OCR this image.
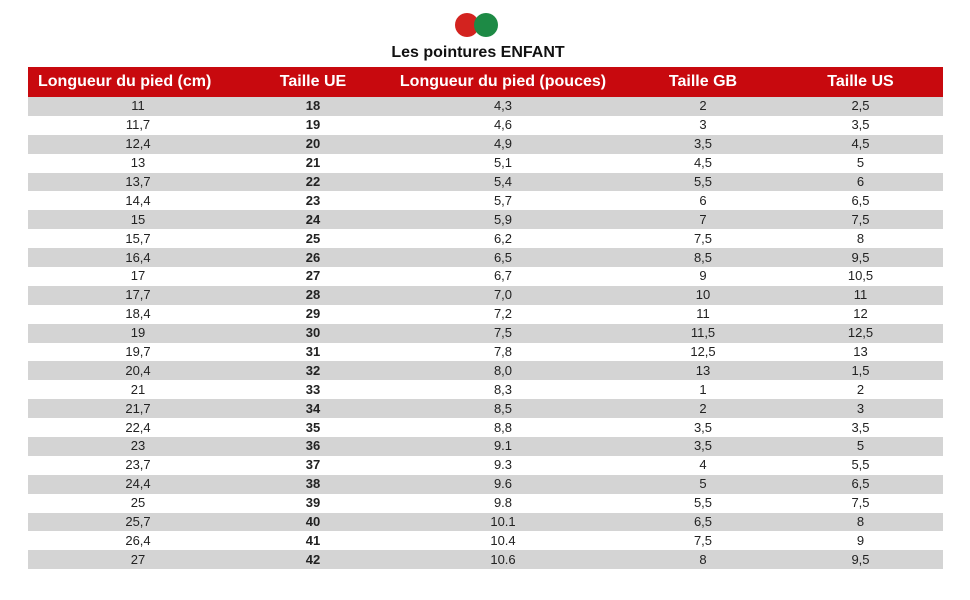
Les pointures ENFANT
Longueur du pied (cm)	Taille UE	Longueur du pied (pouces)	Taille GB	Taille US
11	18	4,3	2	2,5
11,7	19	4,6	3	3,5
12,4	20	4,9	3,5	4,5
13	21	5,1	4,5	5
13,7	22	5,4	5,5	6
14,4	23	5,7	6	6,5
15	24	5,9	7	7,5
15,7	25	6,2	7,5	8
16,4	26	6,5	8,5	9,5
17	27	6,7	9	10,5
17,7	28	7,0	10	11
18,4	29	7,2	11	12
19	30	7,5	11,5	12,5
19,7	31	7,8	12,5	13
20,4	32	8,0	13	1,5
21	33	8,3	1	2
21,7	34	8,5	2	3
22,4	35	8,8	3,5	3,5
23	36	9.1	3,5	5
23,7	37	9.3	4	5,5
24,4	38	9.6	5	6,5
25	39	9.8	5,5	7,5
25,7	40	10.1	6,5	8
26,4	41	10.4	7,5	9
27	42	10.6	8	9,5
